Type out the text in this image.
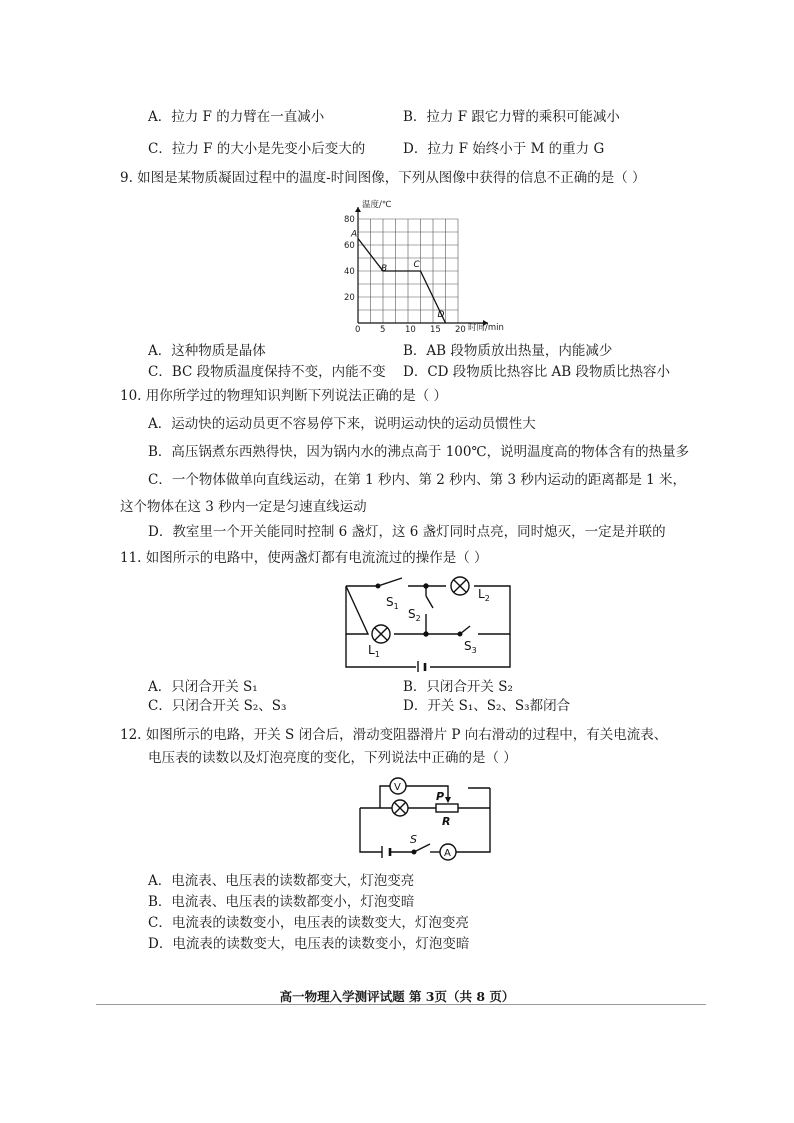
A．拉力 F 的力臂在一直减小	B．拉力 F 跟它力臂的乘积可能减小
C．拉力 F 的大小是先变小后变大的	D．拉力 F 始终小于 M 的重力 G
9. 如图是某物质凝固过程中的温度-时间图像，下列从图像中获得的信息不正确的是（ ）
0 5 10 15 20
20
40
60
80
A
B	C
D
温度/℃
时间/min
A．这种物质是晶体	B．AB 段物质放出热量，内能减少
C．BC 段物质温度保持不变，内能不变 D．CD 段物质比热容比 AB 段物质比热容小
10. 用你所学过的物理知识判断下列说法正确的是（ ）
A．运动快的运动员更不容易停下来，说明运动快的运动员惯性大
B．高压锅煮东西熟得快，因为锅内水的沸点高于 100℃，说明温度高的物体含有的热量多
C．一个物体做单向直线运动，在第 1 秒内、第 2 秒内、第 3 秒内运动的距离都是 1 米，
这个物体在这 3 秒内一定是匀速直线运动
D．教室里一个开关能同时控制 6 盏灯，这 6 盏灯同时点亮，同时熄灭，一定是并联的
11. 如图所示的电路中，使两盏灯都有电流流过的操作是（ ）
$S_1$
$S_2$
$L_2$
$L_1$
$S_3$
A．只闭合开关 S₁	B．只闭合开关 S₂
C．只闭合开关 S₂、S₃	D．开关 S₁、S₂、S₃都闭合
12. 如图所示的电路，开关 S 闭合后，滑动变阻器滑片 P 向右滑动的过程中，有关电流表、
电压表的读数以及灯泡亮度的变化，下列说法中正确的是（ ）
V
A
P
R
S
A．电流表、电压表的读数都变大，灯泡变亮
B．电流表、电压表的读数都变小，灯泡变暗
C．电流表的读数变小，电压表的读数变大，灯泡变亮
D．电流表的读数变大，电压表的读数变小，灯泡变暗
高一物理入学测评试题 第 3页（共 8 页）
